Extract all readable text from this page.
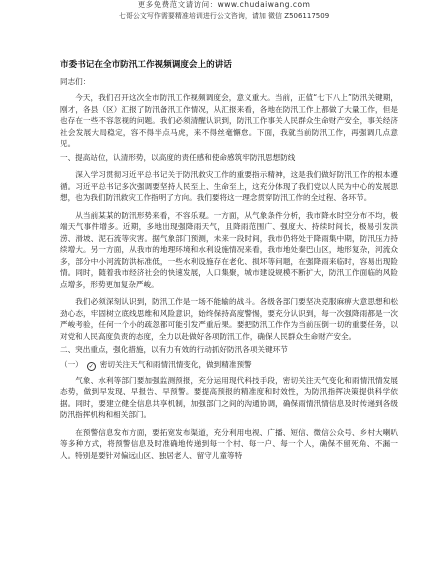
更多免费范文请访问：www.chudaiwang.com
七哥公文写作需要精准培训进行公文咨询，请加 微信 Z506117509
市委书记在全市防汛工作视频调度会上的讲话
同志们：

今天，我们召开这次全市防汛工作视频调度会，意义重大。当前，正值“七下八上”防汛关键期，刚才，各县（区）汇报了防汛备汛工作情况，从汇报来看，各地在防汛工作上都做了大量工作，但是也存在一些不容忽视的问题。我们必须清醒认识到，防汛工作事关人民群众生命财产安全，事关经济社会发展大局稳定，容不得半点马虎，来不得丝毫懈怠。下面，我就当前防汛工作，再强调几点意见。

一、提高站位，认清形势，以高度的责任感和使命感筑牢防汛思想防线

深入学习贯彻习近平总书记关于防汛救灾工作的重要指示精神，这是我们做好防汛工作的根本遵循。习近平总书记多次强调要坚持人民至上、生命至上，这充分体现了我们党以人民为中心的发展思想，也为我们防汛救灾工作指明了方向。我们要将这一理念贯穿防汛工作的全过程、各环节。

从当前某某的防汛形势来看，不容乐观。一方面，从气象条件分析，我市降水时空分布不均，极端天气事件增多。近期，多地出现强降雨天气，且降雨范围广、强度大、持续时间长，极易引发洪涝、滑坡、泥石流等灾害。据气象部门预测，未来一段时间，我市仍将处于降雨集中期，防汛压力持续增大。另一方面，从我市的地理环境和水利设施情况来看，我市地处秦巴山区，地形复杂，河流众多，部分中小河流防洪标准低，一些水利设施存在老化、损坏等问题，在强降雨来临时，容易出现险情。同时，随着我市经济社会的快速发展，人口集聚，城市建设规模不断扩大，防汛工作面临的风险点增多，形势更加复杂严峻。

我们必须深刻认识到，防汛工作是一场不能输的战斗。各级各部门要坚决克服麻痹大意思想和松劲心态，牢固树立底线思维和风险意识，始终保持高度警惕，要充分认识到，每一次强降雨都是一次严峻考验，任何一个小的疏忽都可能引发严重后果。要把防汛工作作为当前压倒一切的重要任务，以对党和人民高度负责的态度，全力以赴做好各项防汛工作，确保人民群众生命财产安全。

二、突出重点，强化措施，以有力有效的行动抓好防汛各项关键环节
（一） ✓ 密切关注天气和雨情汛情变化，做到精准预警

气象、水利等部门要加强监测预报，充分运用现代科技手段，密切关注天气变化和雨情汛情发展态势，做到早发现、早报告、早预警。要提高预报的精准度和时效性，为防汛指挥决策提供科学依据。同时，要建立健全信息共享机制，加强部门之间的沟通协调，确保雨情汛情信息及时传递到各级防汛指挥机构和相关部门。

在预警信息发布方面，要拓宽发布渠道，充分利用电视、广播、短信、微信公众号、乡村大喇叭等多种方式，将预警信息及时准确地传递到每一个村、每一户、每一个人，确保不留死角、不漏一人。特别是要针对偏远山区、独居老人、留守儿童等特
